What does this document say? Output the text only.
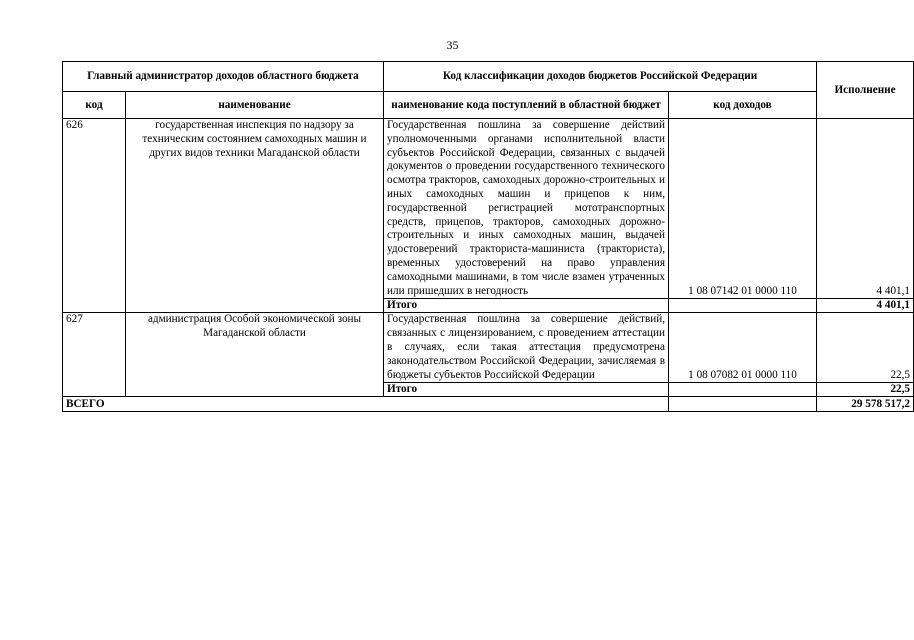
35
Главный администратор доходов областного бюджета		Код классификации доходов бюджетов Российской Федерации		Исполнение
код	наименование	наименование кода поступлений в областной бюджет	код доходов	
626	государственная инспекция по надзору за техническим состоянием самоходных машин и других видов техники Магаданской области	Государственная пошлина за совершение действий уполномоченными органами исполнительной власти субъектов Российской Федерации, связанных с выдачей документов о проведении государственного технического осмотра тракторов, самоходных дорожно-строительных и иных самоходных машин и прицепов к ним, государственной регистрацией мототранспортных средств, прицепов, тракторов, самоходных дорожно-строительных и иных самоходных машин, выдачей удостоверений тракториста-машиниста (тракториста), временных удостоверений на право управления самоходными машинами, в том числе взамен утраченных или пришедших в негодность	1 08 07142 01 0000 110	4 401,1
		Итого		4 401,1
627	администрация Особой экономической зоны Магаданской области	Государственная пошлина за совершение действий, связанных с лицензированием, с проведением аттестации в случаях, если такая аттестация предусмотрена законодательством Российской Федерации, зачисляемая в бюджеты субъектов Российской Федерации	1 08 07082 01 0000 110	22,5
		Итого		22,5
ВСЕГО				29 578 517,2
